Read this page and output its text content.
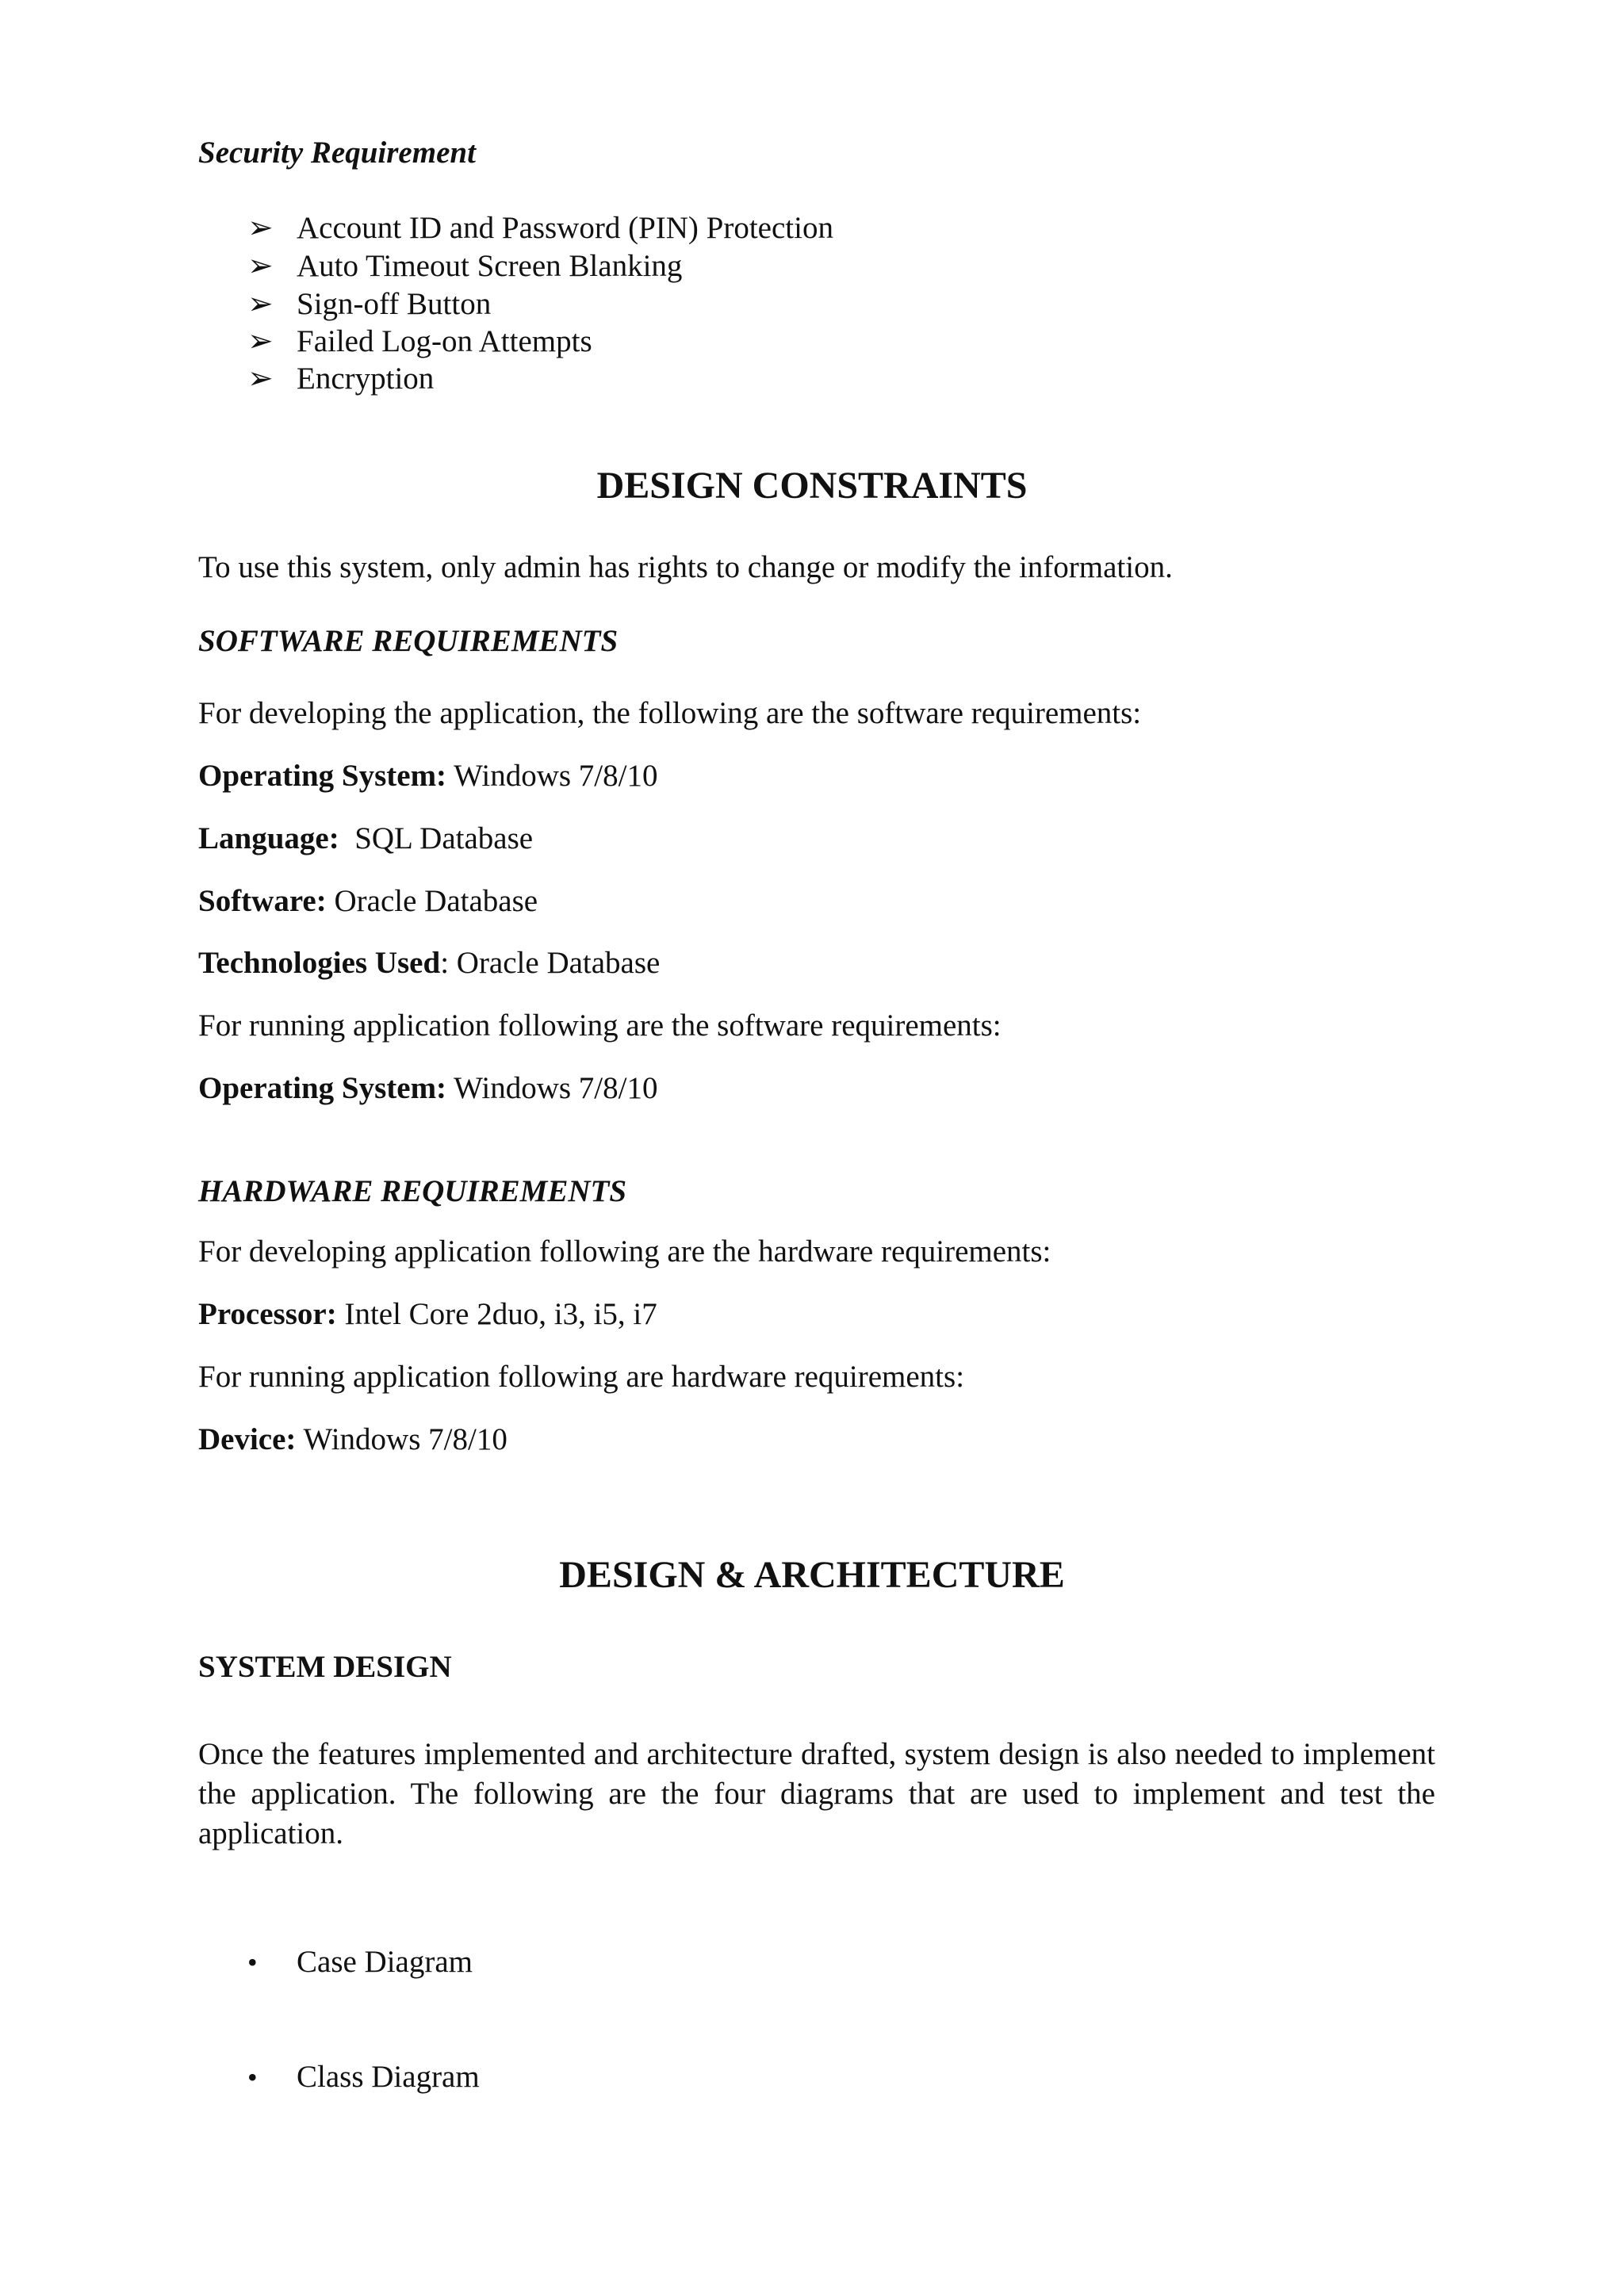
Security Requirement
➢ Account ID and Password (PIN) Protection
➢ Auto Timeout Screen Blanking
➢ Sign-off Button
➢ Failed Log-on Attempts
➢ Encryption
DESIGN CONSTRAINTS
To use this system, only admin has rights to change or modify the information.
SOFTWARE REQUIREMENTS
For developing the application, the following are the software requirements:
Operating System: Windows 7/8/10
Language:  SQL Database
Software: Oracle Database
Technologies Used: Oracle Database
For running application following are the software requirements:
Operating System: Windows 7/8/10
HARDWARE REQUIREMENTS
For developing application following are the hardware requirements:
Processor: Intel Core 2duo, i3, i5, i7
For running application following are hardware requirements:
Device: Windows 7/8/10
DESIGN & ARCHITECTURE
SYSTEM DESIGN
Once the features implemented and architecture drafted, system design is also needed to implement the application. The following are the four diagrams that are used to implement and test the application.
• Case Diagram
• Class Diagram
